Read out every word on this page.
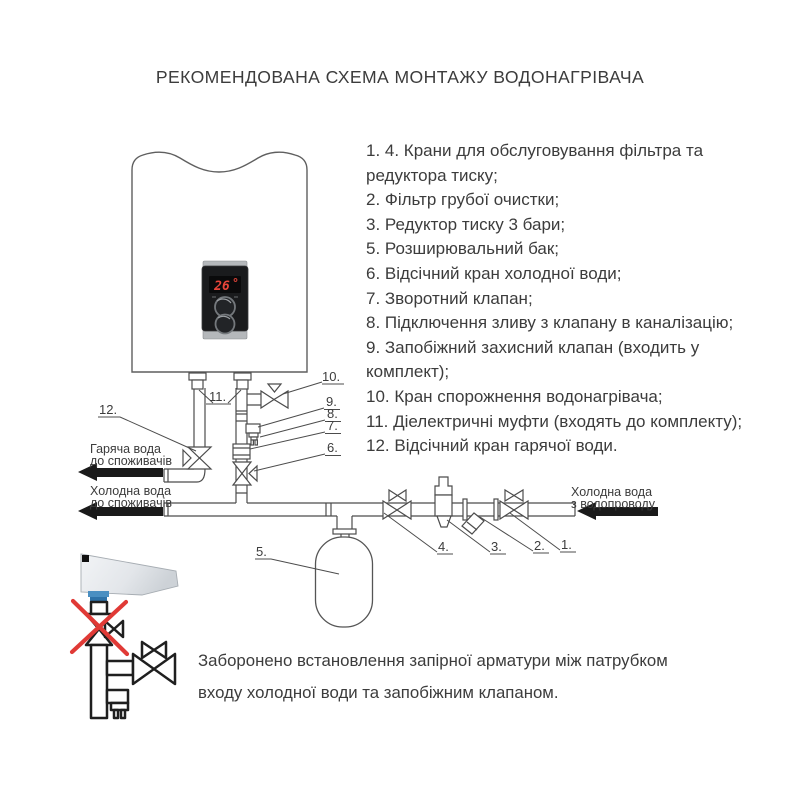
РЕКОМЕНДОВАНА СХЕМА МОНТАЖУ ВОДОНАГРІВАЧА
1. 4. Крани для обслуговування фільтра та
редуктора тиску;
2. Фільтр грубої очистки;
3. Редуктор тиску 3 бари;
5. Розширювальний бак;
6. Відсічний кран холодної води;
7. Зворотний клапан;
8. Підключення зливу з клапану в каналізацію;
9. Запобіжний захисний клапан (входить у
комплект);
10. Кран спорожнення водонагрівача;
11. Діелектричні муфти (входять до комплекту);
12. Відсічний кран гарячої води.
26
Гаряча вода
до споживачів
Холодна вода
до споживачів
Холодна вода
з водопроводу
10.
9.
8.
7.
6.
11.
12.
5.	4.	3. 2. 1.
Заборонено встановлення запірної арматури між патрубком
входу холодної води та запобіжним клапаном.
